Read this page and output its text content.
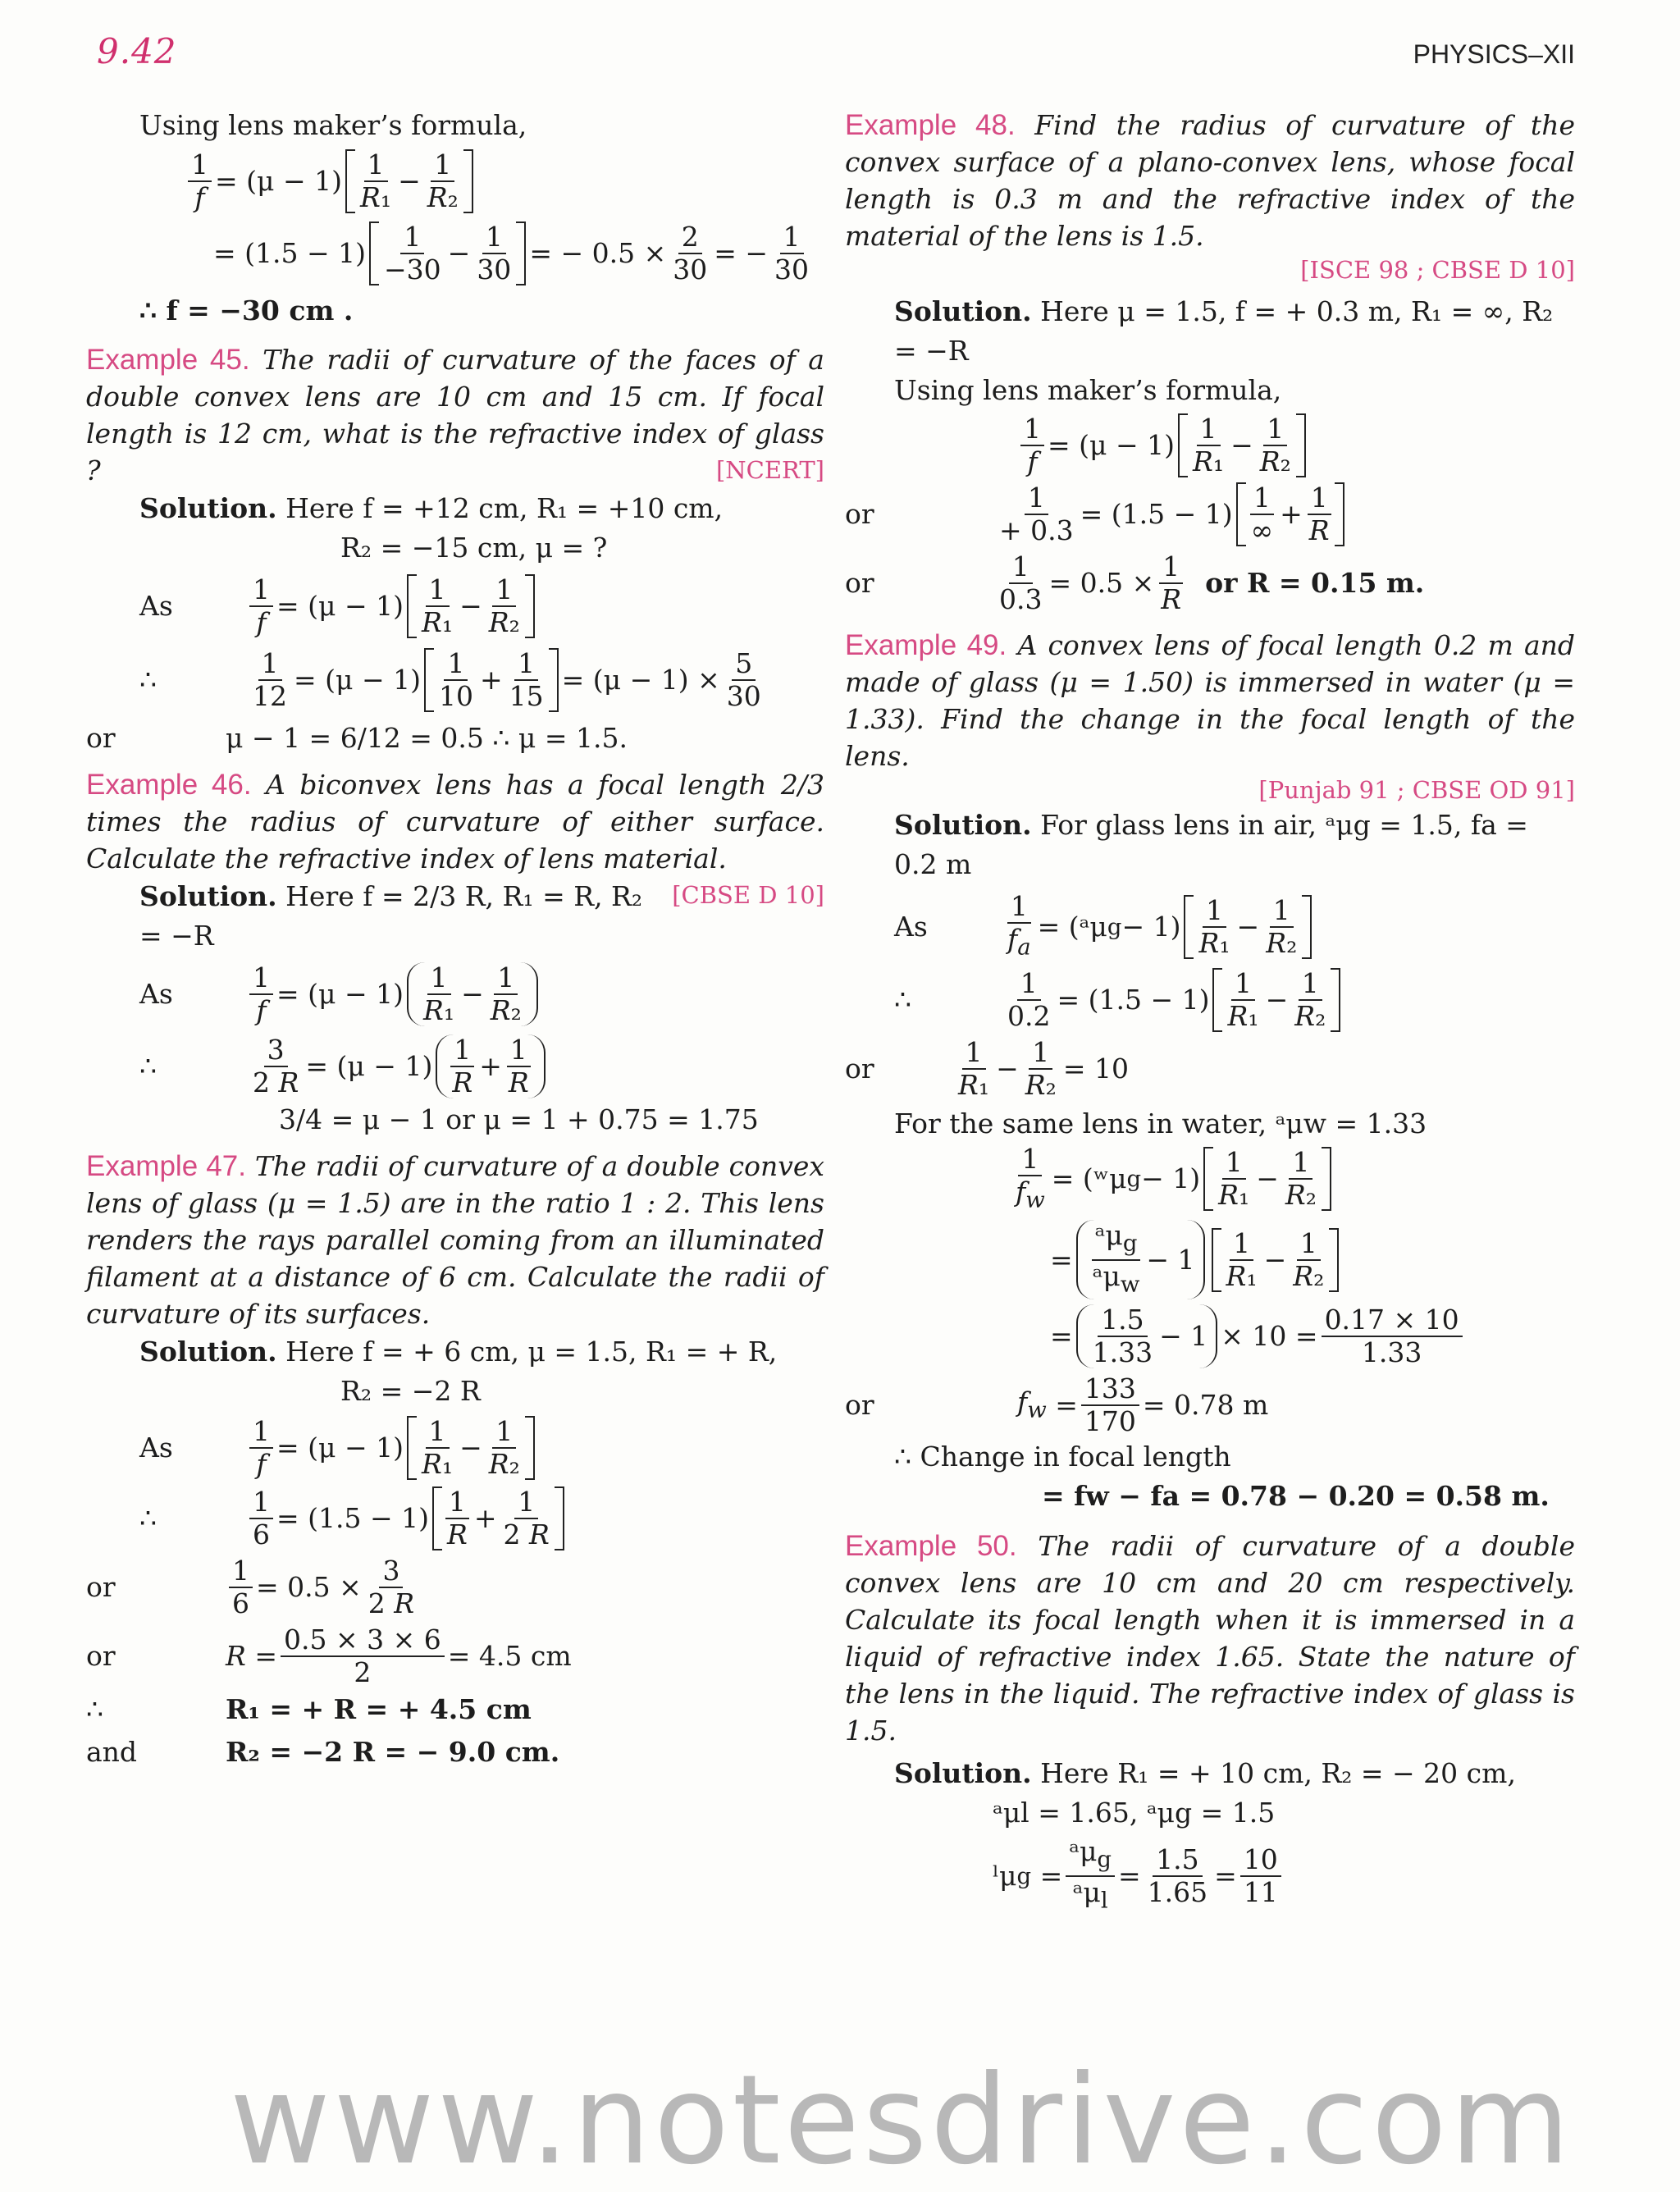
9.42	PHYSICS–XII

Using lens maker’s formula,

$\frac{1}{f} = (\mu - 1) \frac{1}{\text{R₁}} - \frac{1}{\text{R₂}}$
= $(1.5 - 1) \frac{1}{-30} - \frac{1}{30}$ = − $0.5 \times \frac{2}{30}$ = − $\frac{1}{30}$

∴ f = −30 cm .

Example 45. The radii of curvature of the faces of a double convex lens are 10 cm and 15 cm. If focal length is 12 cm, what is the refractive index of glass ?	[NCERT]

Solution. Here f = +12 cm, R₁ = +10 cm,

R₂ = −15 cm, μ = ?

As	$\frac{1}{f} = (\mu - 1) \frac{1}{\text{R₁}} - \frac{1}{\text{R₂}}$
∴	$\frac{1}{12} = (\mu - 1) \frac{1}{10} + \frac{1}{15} = (\mu - 1) \times \frac{5}{30}$
or	μ − 1 = 6/12 = 0.5 ∴ μ = 1.5.

Example 46. A biconvex lens has a focal length 2/3 times the radius of curvature of either surface. Calculate the refractive index of lens material.
[CBSE D 10]

Solution. Here f = 2/3 R, R₁ = R, R₂ = −R

As	$\frac{1}{f} = (\mu - 1) \frac{1}{\text{R₁}} - \frac{1}{\text{R₂}}$
∴	$\frac{3}{2 R} = (\mu - 1) \frac{1}{R} + \frac{1}{R}$
3/4 = μ − 1 or μ = 1 + 0.75 = 1.75

Example 47. The radii of curvature of a double convex lens of glass (μ = 1.5) are in the ratio 1 : 2. This lens renders the rays parallel coming from an illuminated filament at a distance of 6 cm. Calculate the radii of curvature of its surfaces.

Solution. Here f = + 6 cm, μ = 1.5, R₁ = + R,

R₂ = −2 R

As	$\frac{1}{f} = (\mu - 1) \frac{1}{\text{R₁}} - \frac{1}{\text{R₂}}$
∴	$\frac{1}{6} = (1.5 - 1) \frac{1}{R} + \frac{1}{2 R}$
or	$\frac{1}{6} = 0.5 \times \frac{3}{2 R}$
or	$R = \frac{0.5 \times 3 \times 6}{2} = 4.5$ cm
∴	R₁ = + R = + 4.5 cm
and	R₂ = −2 R = − 9.0 cm.

Example 48. Find the radius of curvature of the convex surface of a plano-convex lens, whose focal length is 0.3 m and the refractive index of the material of the lens is 1.5.
[ISCE 98 ; CBSE D 10]

Solution. Here μ = 1.5, f = + 0.3 m, R₁ = ∞, R₂ = −R

Using lens maker’s formula,

$\frac{1}{f} = (\mu - 1) \frac{1}{\text{R₁}} - \frac{1}{\text{R₂}}$
or	$\frac{1}{+ 0.3} = (1.5 - 1) \frac{1}{\infty} + \frac{1}{R}$
or	$\frac{1}{0.3} = 0.5 \times \frac{1}{R}$
or R = 0.15 m.

Example 49. A convex lens of focal length 0.2 m and made of glass (μ = 1.50) is immersed in water (μ = 1.33). Find the change in the focal length of the lens.
[Punjab 91 ; CBSE OD 91]

Solution. For glass lens in air, ᵃμg = 1.5, fa = 0.2 m

As	$\frac{1}{f_a}$ = (ᵃμ $g - 1) \frac{1}{\text{R₁}} - \frac{1}{\text{R₂}}$
∴	$\frac{1}{0.2} = (1.5 - 1) \frac{1}{\text{R₁}} - \frac{1}{\text{R₂}}$
or	$\frac{1}{\text{R₁}} - \frac{1}{\text{R₂}} = 10$

For the same lens in water, ᵃμw = 1.33

$\frac{1}{f_w}$ = (ʷμ $g - 1) \frac{1}{\text{R₁}} - \frac{1}{\text{R₂}}$
= $\frac{ᵃ\mu_g}{ᵃ\mu_w} - 1$	$\frac{1}{\text{R₁}} - \frac{1}{\text{R₂}}$
= $\frac{1.5}{1.33} - 1 \times 10 = \frac{0.17 \times 10}{1.33}$
or	$f_w = \frac{133}{170} = 0.78$ m

∴ Change in focal length

= fw − fa = 0.78 − 0.20 = 0.58 m.

Example 50. The radii of curvature of a double convex lens are 10 cm and 20 cm respectively. Calculate its focal length when it is immersed in a liquid of refractive index 1.65. State the nature of the lens in the liquid. The refractive index of glass is 1.5.

Solution. Here R₁ = + 10 cm, R₂ = − 20 cm,

ᵃμl = 1.65, ᵃμg = 1.5

ˡμ $g = \frac{ᵃ\mu_g}{ᵃ\mu_l} = \frac{1.5}{1.65} = \frac{10}{11}$
www.notesdrive.com
